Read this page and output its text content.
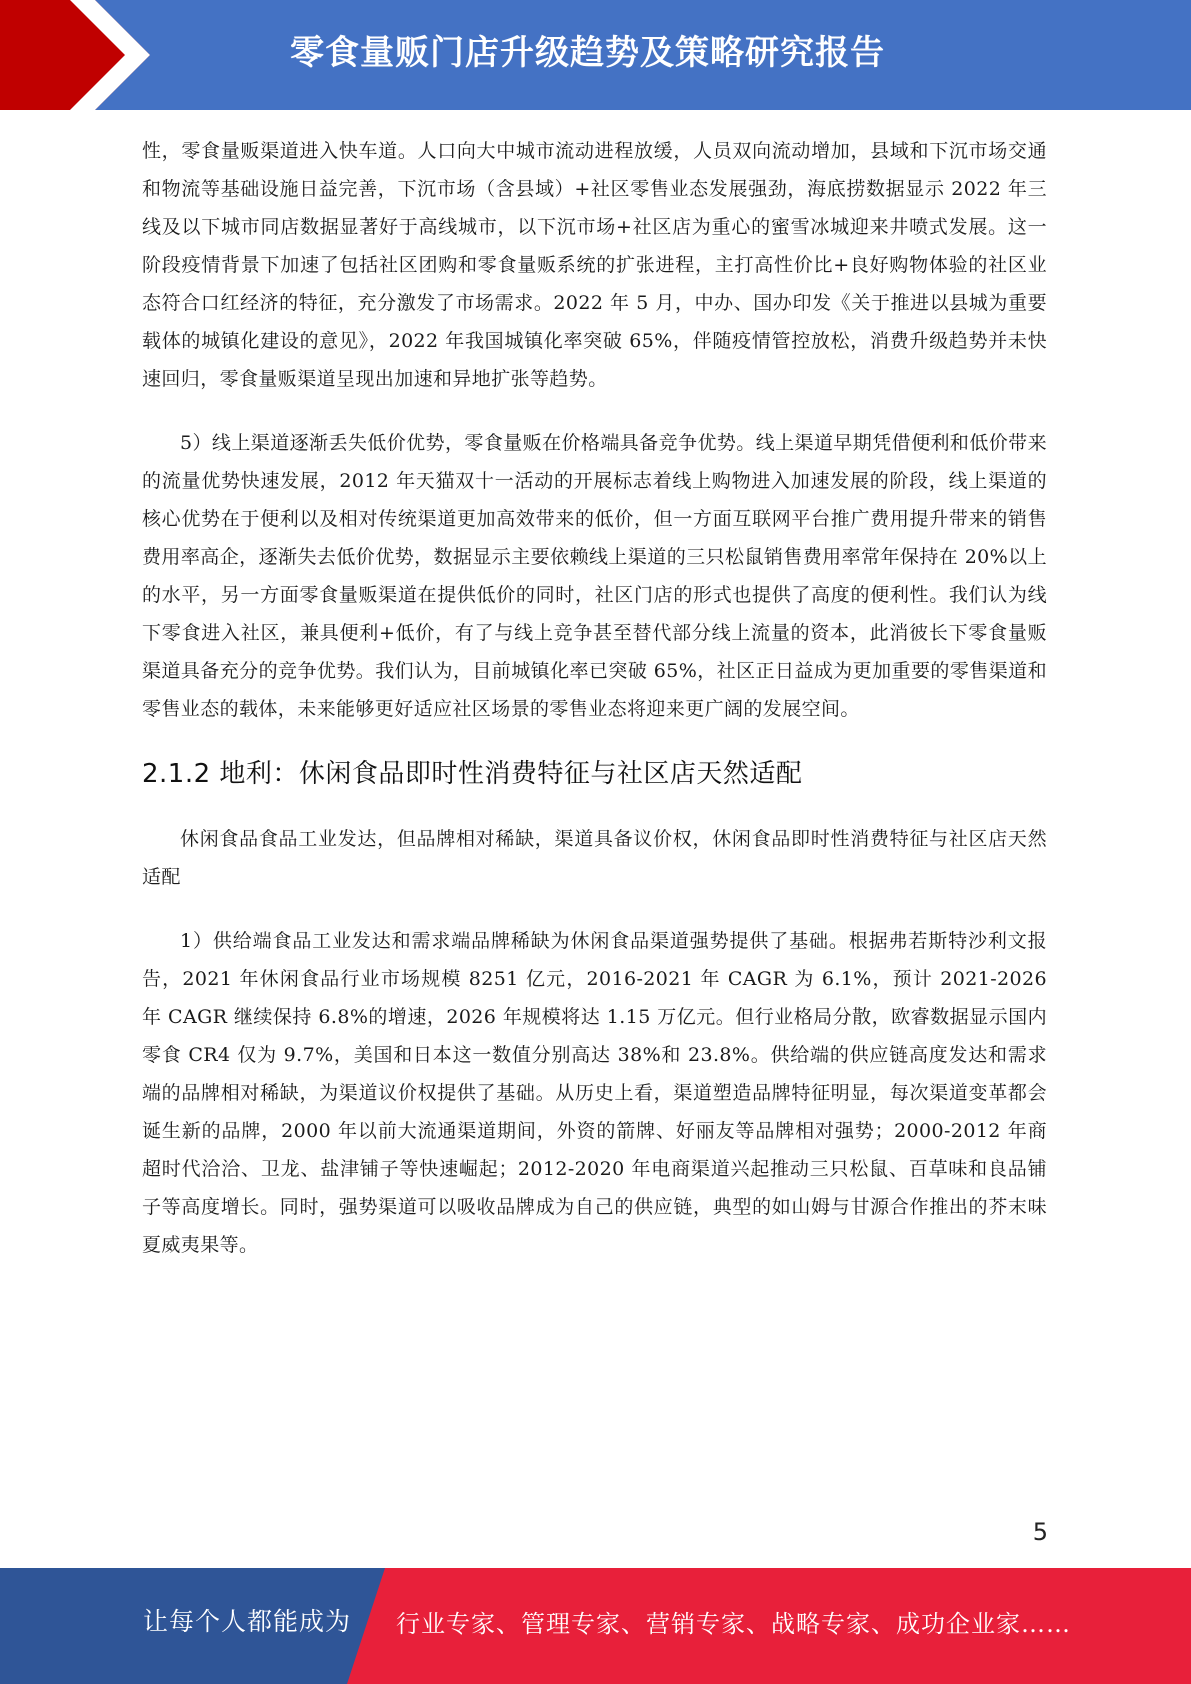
零食量贩门店升级趋势及策略研究报告

性，零食量贩渠道进入快车道。人口向大中城市流动进程放缓，人员双向流动增加，县域和下沉市场交通和物流等基础设施日益完善，下沉市场（含县域）+社区零售业态发展强劲，海底捞数据显示 2022 年三线及以下城市同店数据显著好于高线城市，以下沉市场+社区店为重心的蜜雪冰城迎来井喷式发展。这一阶段疫情背景下加速了包括社区团购和零食量贩系统的扩张进程，主打高性价比+良好购物体验的社区业态符合口红经济的特征，充分激发了市场需求。2022 年 5 月，中办、国办印发《关于推进以县城为重要载体的城镇化建设的意见》，2022 年我国城镇化率突破 65%，伴随疫情管控放松，消费升级趋势并未快速回归，零食量贩渠道呈现出加速和异地扩张等趋势。

5）线上渠道逐渐丢失低价优势，零食量贩在价格端具备竞争优势。线上渠道早期凭借便利和低价带来的流量优势快速发展，2012 年天猫双十一活动的开展标志着线上购物进入加速发展的阶段，线上渠道的核心优势在于便利以及相对传统渠道更加高效带来的低价，但一方面互联网平台推广费用提升带来的销售费用率高企，逐渐失去低价优势，数据显示主要依赖线上渠道的三只松鼠销售费用率常年保持在 20%以上的水平，另一方面零食量贩渠道在提供低价的同时，社区门店的形式也提供了高度的便利性。我们认为线下零食进入社区，兼具便利+低价，有了与线上竞争甚至替代部分线上流量的资本，此消彼长下零食量贩渠道具备充分的竞争优势。我们认为，目前城镇化率已突破 65%，社区正日益成为更加重要的零售渠道和零售业态的载体，未来能够更好适应社区场景的零售业态将迎来更广阔的发展空间。

2.1.2 地利：休闲食品即时性消费特征与社区店天然适配

休闲食品食品工业发达，但品牌相对稀缺，渠道具备议价权，休闲食品即时性消费特征与社区店天然适配

1）供给端食品工业发达和需求端品牌稀缺为休闲食品渠道强势提供了基础。根据弗若斯特沙利文报告，2021 年休闲食品行业市场规模 8251 亿元，2016-2021 年 CAGR 为 6.1%，预计 2021-2026 年 CAGR 继续保持 6.8%的增速，2026 年规模将达 1.15 万亿元。但行业格局分散，欧睿数据显示国内零食 CR4 仅为 9.7%，美国和日本这一数值分别高达 38%和 23.8%。供给端的供应链高度发达和需求端的品牌相对稀缺，为渠道议价权提供了基础。从历史上看，渠道塑造品牌特征明显，每次渠道变革都会诞生新的品牌，2000 年以前大流通渠道期间，外资的箭牌、好丽友等品牌相对强势；2000-2012 年商超时代洽洽、卫龙、盐津铺子等快速崛起；2012-2020 年电商渠道兴起推动三只松鼠、百草味和良品铺子等高度增长。同时，强势渠道可以吸收品牌成为自己的供应链，典型的如山姆与甘源合作推出的芥末味夏威夷果等。

5
让每个人都能成为 行业专家、管理专家、营销专家、战略专家、成功企业家……
